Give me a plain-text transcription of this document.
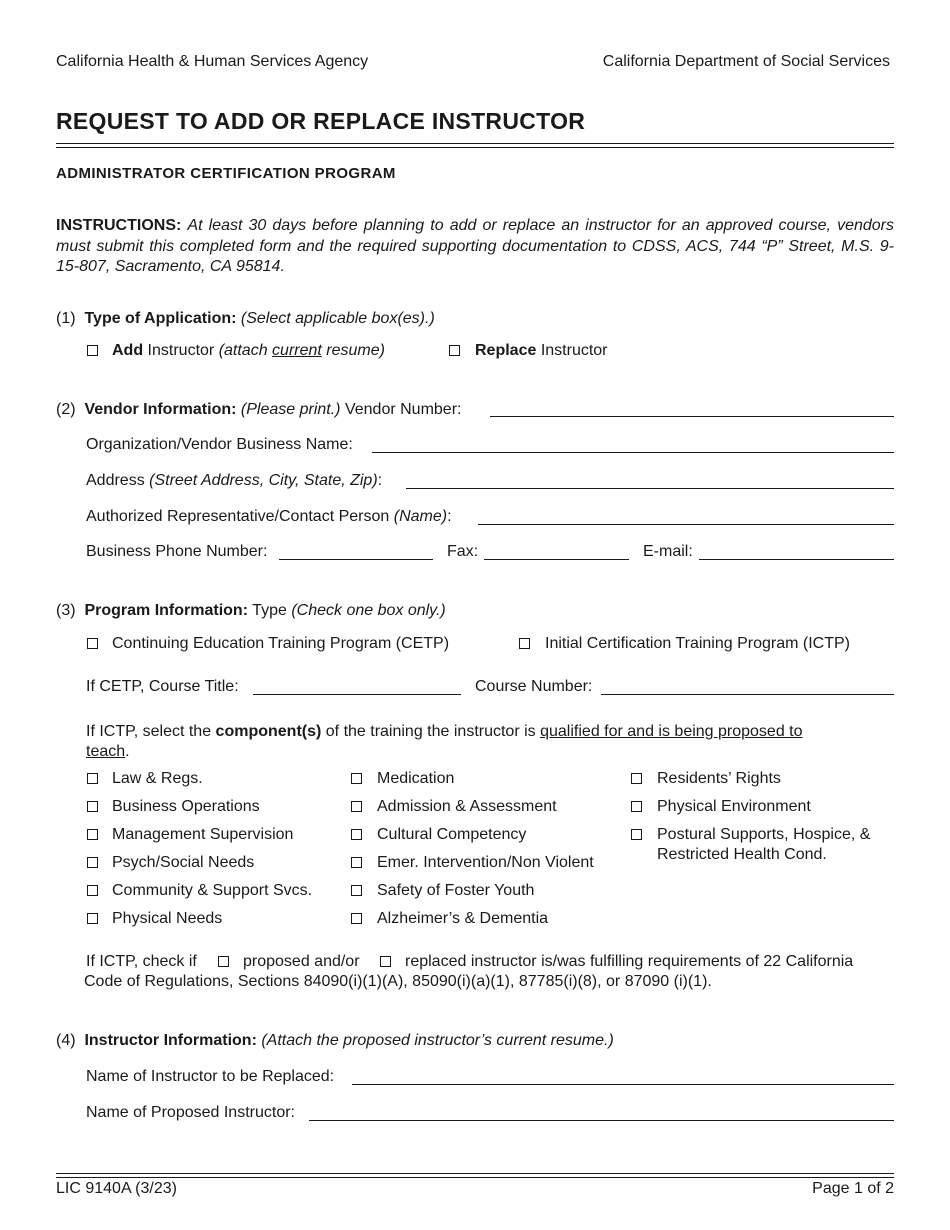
California Health & Human Services Agency	California Department of Social Services
REQUEST TO ADD OR REPLACE INSTRUCTOR
ADMINISTRATOR CERTIFICATION PROGRAM
INSTRUCTIONS: At least 30 days before planning to add or replace an instructor for an approved course, vendors must submit this completed form and the required supporting documentation to CDSS, ACS, 744 “P” Street, M.S. 9-15-807, Sacramento, CA 95814.
(1) Type of Application: (Select applicable box(es).)
Add Instructor (attach current resume)	Replace Instructor
(2) Vendor Information: (Please print.) Vendor Number:
Organization/Vendor Business Name:
Address (Street Address, City, State, Zip):
Authorized Representative/Contact Person (Name):
Business Phone Number:	Fax:	E-mail:
(3) Program Information: Type (Check one box only.)
Continuing Education Training Program (CETP)	Initial Certification Training Program (ICTP)
If CETP, Course Title:	Course Number:
If ICTP, select the component(s) of the training the instructor is qualified for and is being proposed to
teach.
Law & Regs.
Business Operations
Management Supervision
Psych/Social Needs
Community & Support Svcs.
Physical Needs
Medication
Admission & Assessment
Cultural Competency
Emer. Intervention/Non Violent
Safety of Foster Youth
Alzheimer’s & Dementia
Residents’ Rights
Physical Environment
Postural Supports, Hospice, &
Restricted Health Cond.
If ICTP, check if	proposed and/or	replaced instructor is/was fulfilling requirements of 22 California
Code of Regulations, Sections 84090(i)(1)(A), 85090(i)(a)(1), 87785(i)(8), or 87090 (i)(1).
(4) Instructor Information: (Attach the proposed instructor’s current resume.)
Name of Instructor to be Replaced:
Name of Proposed Instructor:
LIC 9140A (3/23)	Page 1 of 2
